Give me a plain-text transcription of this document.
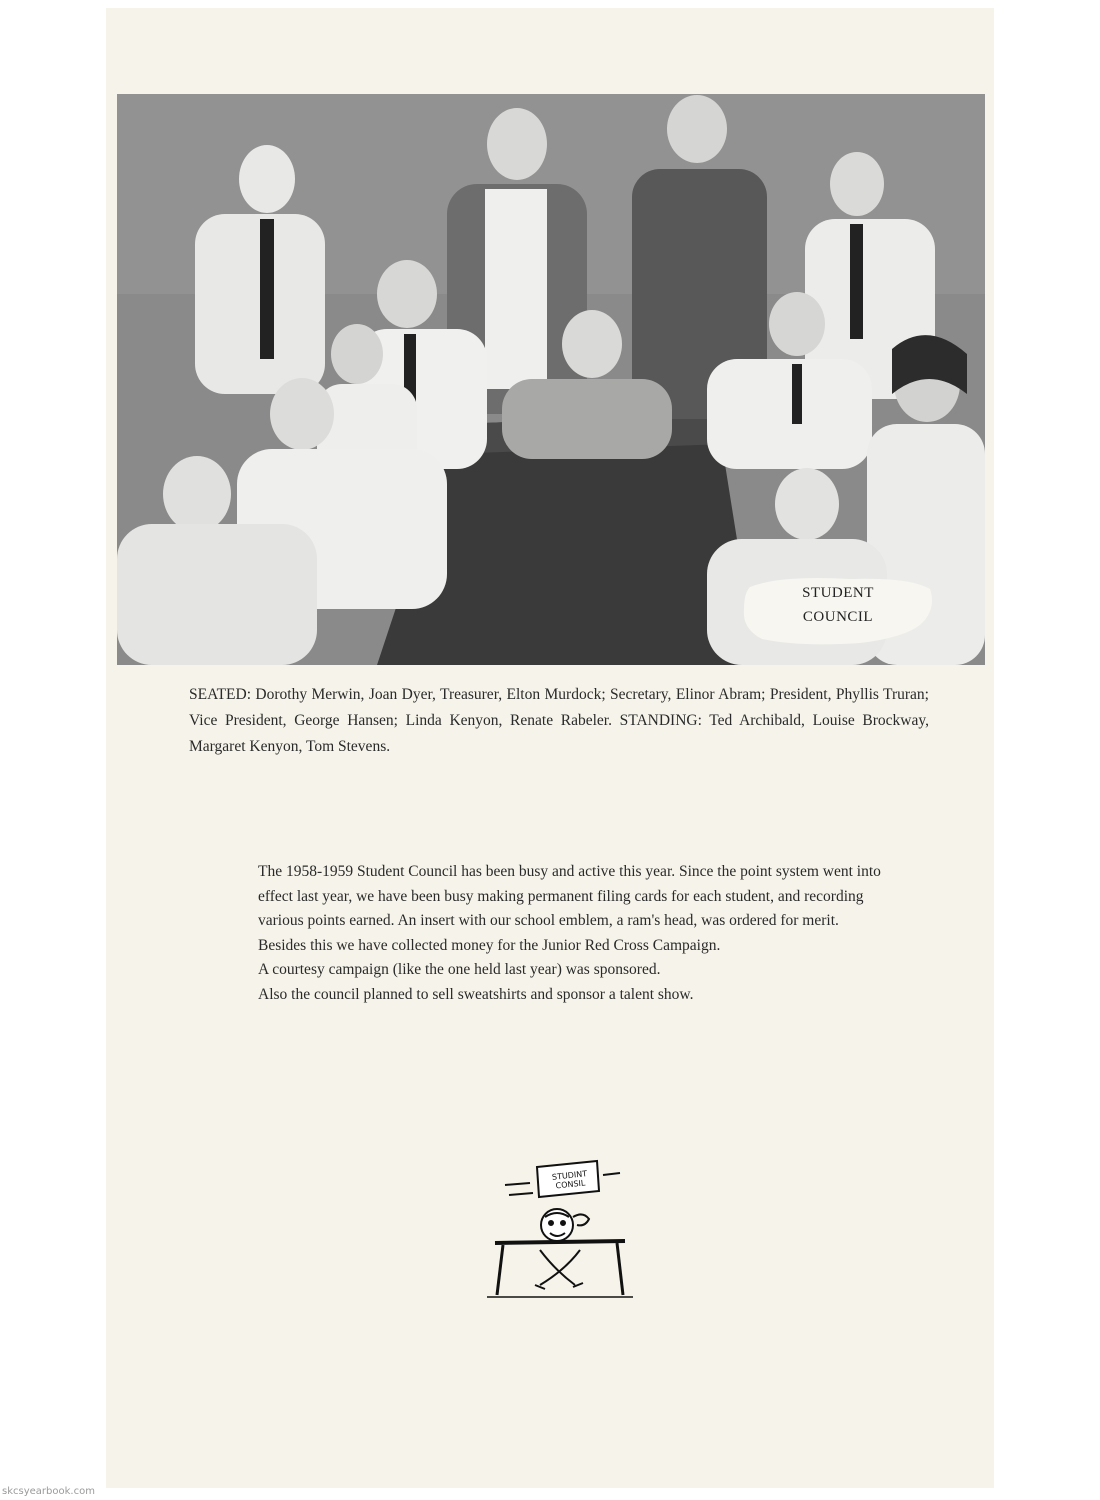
STUDENT
COUNCIL
SEATED: Dorothy Merwin, Joan Dyer, Treasurer, Elton Murdock; Secretary, Elinor Abram; President, Phyllis Truran; Vice President, George Hansen; Linda Kenyon, Renate Rabeler. STANDING: Ted Archibald, Louise Brockway, Margaret Kenyon, Tom Stevens.

The 1958-1959 Student Council has been busy and active this year. Since the point system went into effect last year, we have been busy making permanent filing cards for each student, and recording various points earned. An insert with our school emblem, a ram's head, was ordered for merit.

Besides this we have collected money for the Junior Red Cross Campaign.

A courtesy campaign (like the one held last year) was sponsored.

Also the council planned to sell sweatshirts and sponsor a talent show.

STUDINT
CONSIL
skcsyearbook.com
